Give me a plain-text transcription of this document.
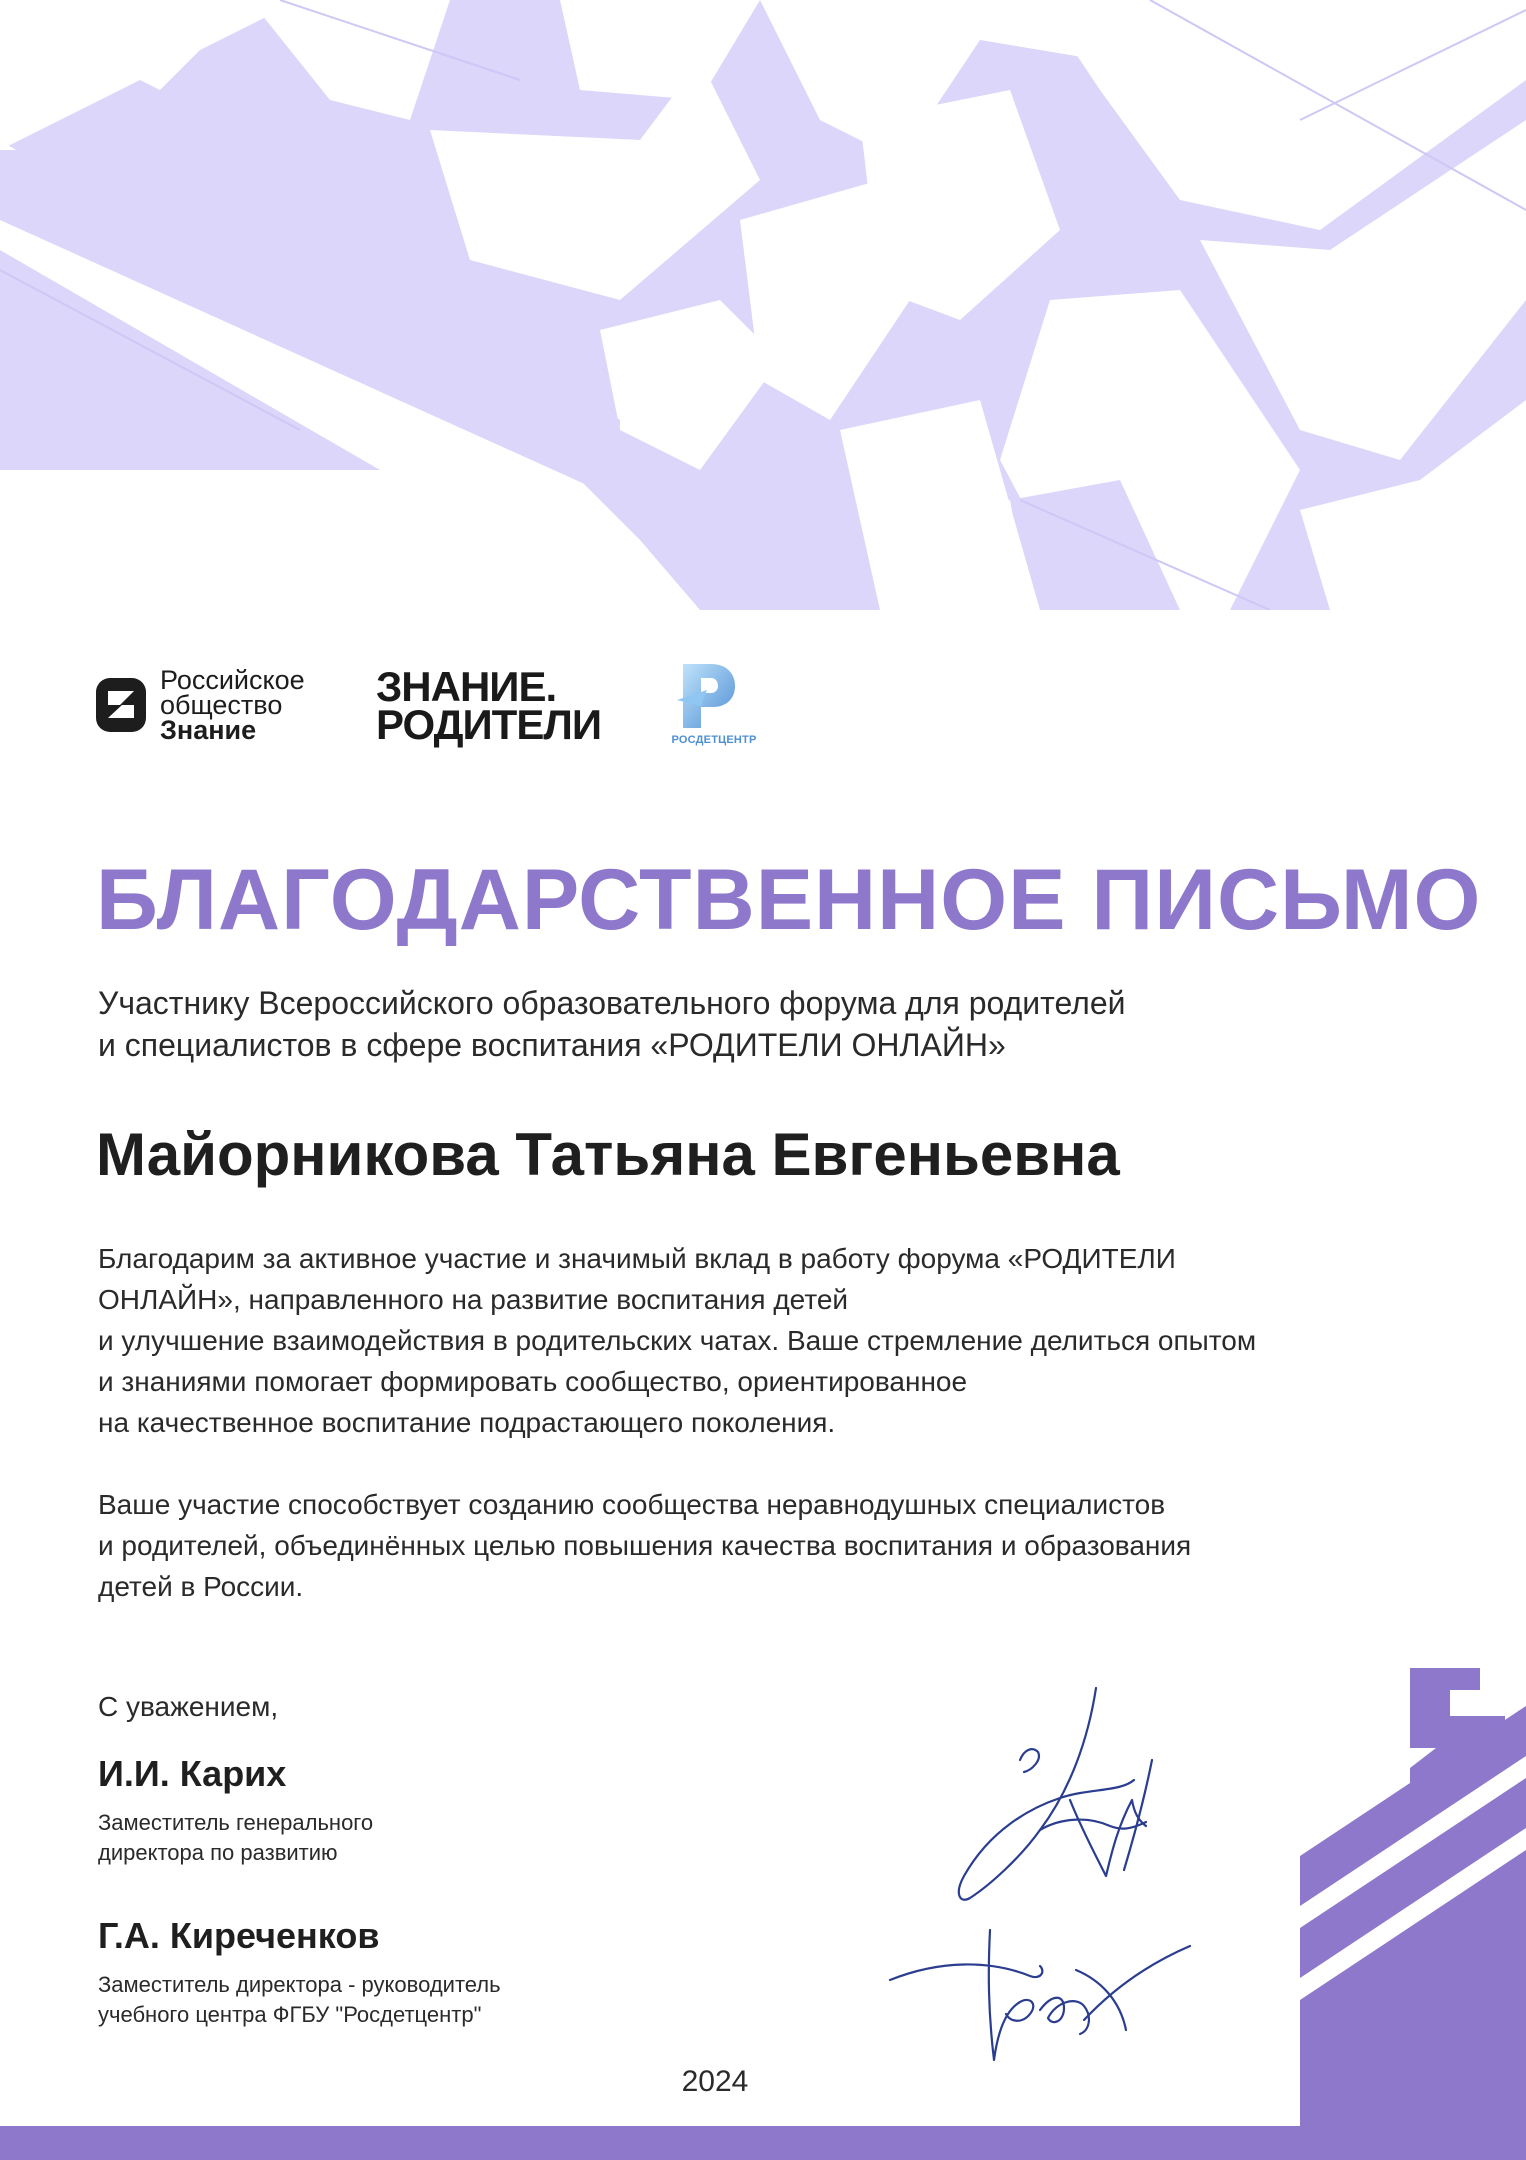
Российское
общество
Знание
ЗНАНИЕ.
РОДИТЕЛИ	РОСДЕТЦЕНТР
БЛАГОДАРСТВЕННОЕ ПИСЬМО
Участнику Всероссийского образовательного форума для родителей
и специалистов в сфере воспитания «РОДИТЕЛИ ОНЛАЙН»
Майорникова Татьяна Евгеньевна
Благодарим за активное участие и значимый вклад в работу форума «РОДИТЕЛИ
ОНЛАЙН», направленного на развитие воспитания детей
и улучшение взаимодействия в родительских чатах. Ваше стремление делиться опытом
и знаниями помогает формировать сообщество, ориентированное
на качественное воспитание подрастающего поколения.
Ваше участие способствует созданию сообщества неравнодушных специалистов
и родителей, объединённых целью повышения качества воспитания и образования
детей в России.
С уважением,
И.И. Карих
Заместитель генерального
директора по развитию
Г.А. Киреченков
Заместитель директора - руководитель
учебного центра ФГБУ "Росдетцентр"
2024
